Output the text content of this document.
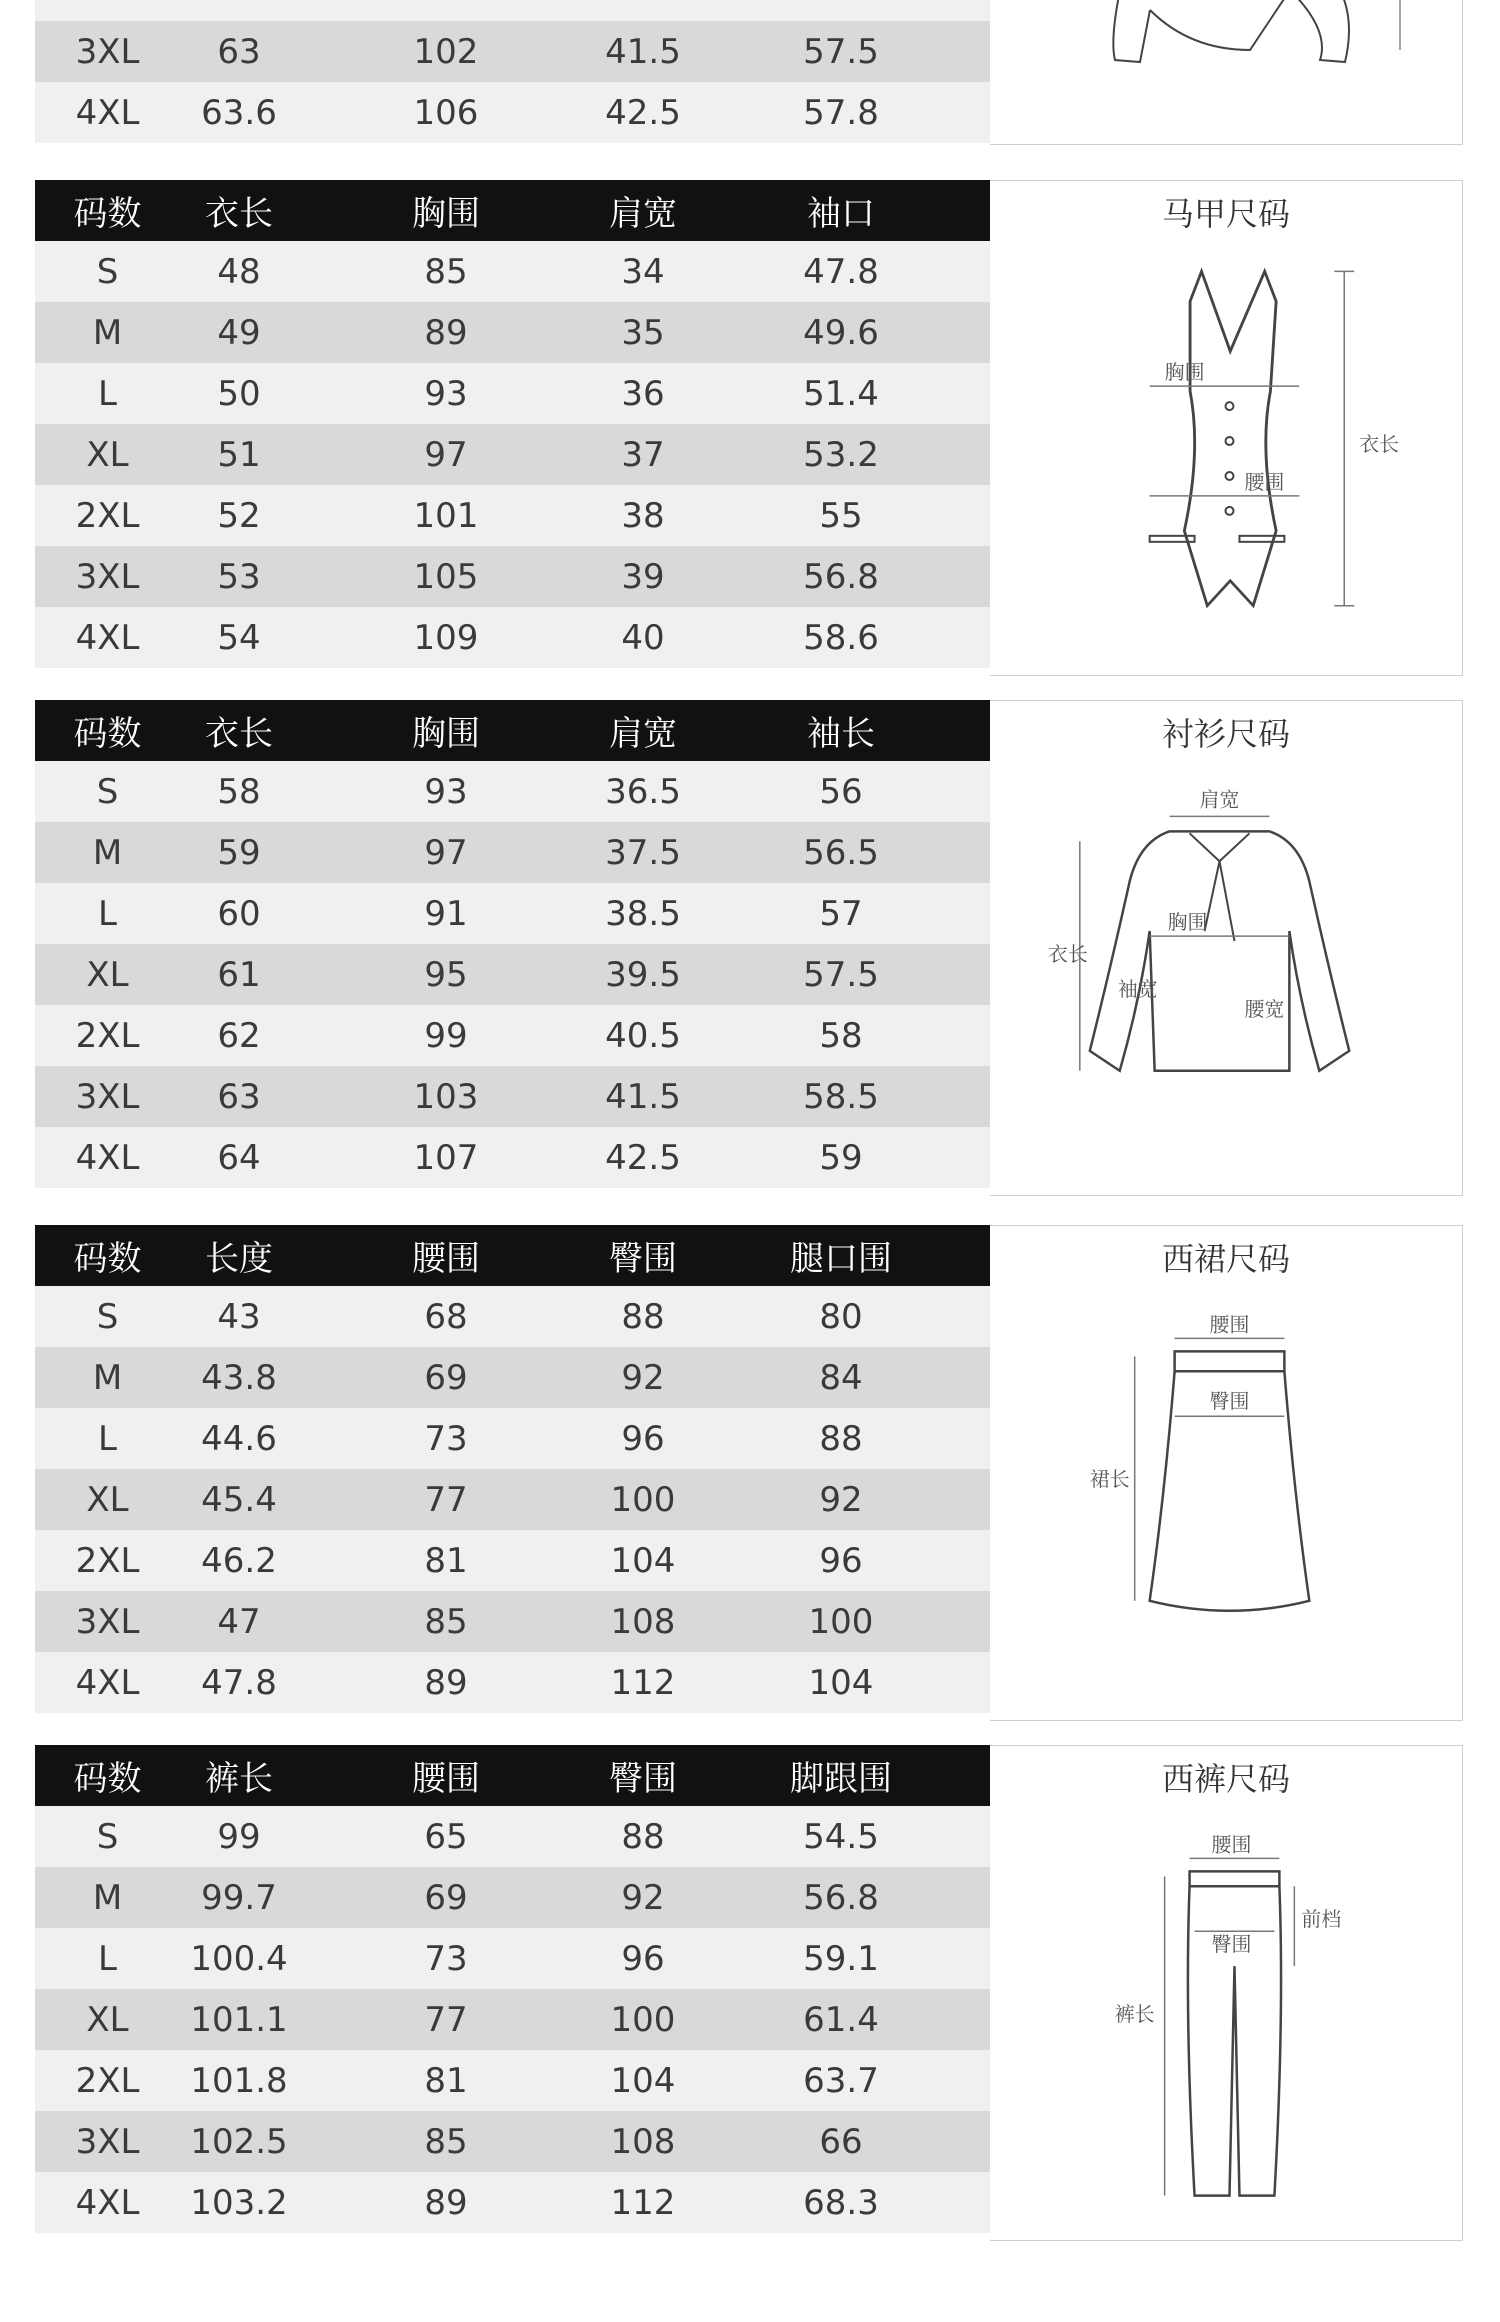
3XL	63	102	41.5	57.5
4XL	63.6	106	42.5	57.8
码数	衣长	胸围	肩宽	袖口
S	48	85	34	47.8
M	49	89	35	49.6
L	50	93	36	51.4
XL	51	97	37	53.2
2XL	52	101	38	55
3XL	53	105	39	56.8
4XL	54	109	40	58.6
马甲尺码
胸围
腰围
衣长
码数	衣长	胸围	肩宽	袖长
S	58	93	36.5	56
M	59	97	37.5	56.5
L	60	91	38.5	57
XL	61	95	39.5	57.5
2XL	62	99	40.5	58
3XL	63	103	41.5	58.5
4XL	64	107	42.5	59
衬衫尺码
肩宽
胸围
衣长
袖宽
腰宽
码数	长度	腰围	臀围	腿口围
S	43	68	88	80
M	43.8	69	92	84
L	44.6	73	96	88
XL	45.4	77	100	92
2XL	46.2	81	104	96
3XL	47	85	108	100
4XL	47.8	89	112	104
西裙尺码
腰围
臀围
裙长
码数	裤长	腰围	臀围	脚跟围
S	99	65	88	54.5
M	99.7	69	92	56.8
L	100.4	73	96	59.1
XL	101.1	77	100	61.4
2XL	101.8	81	104	63.7
3XL	102.5	85	108	66
4XL	103.2	89	112	68.3
西裤尺码
腰围
前档
臀围
裤长
